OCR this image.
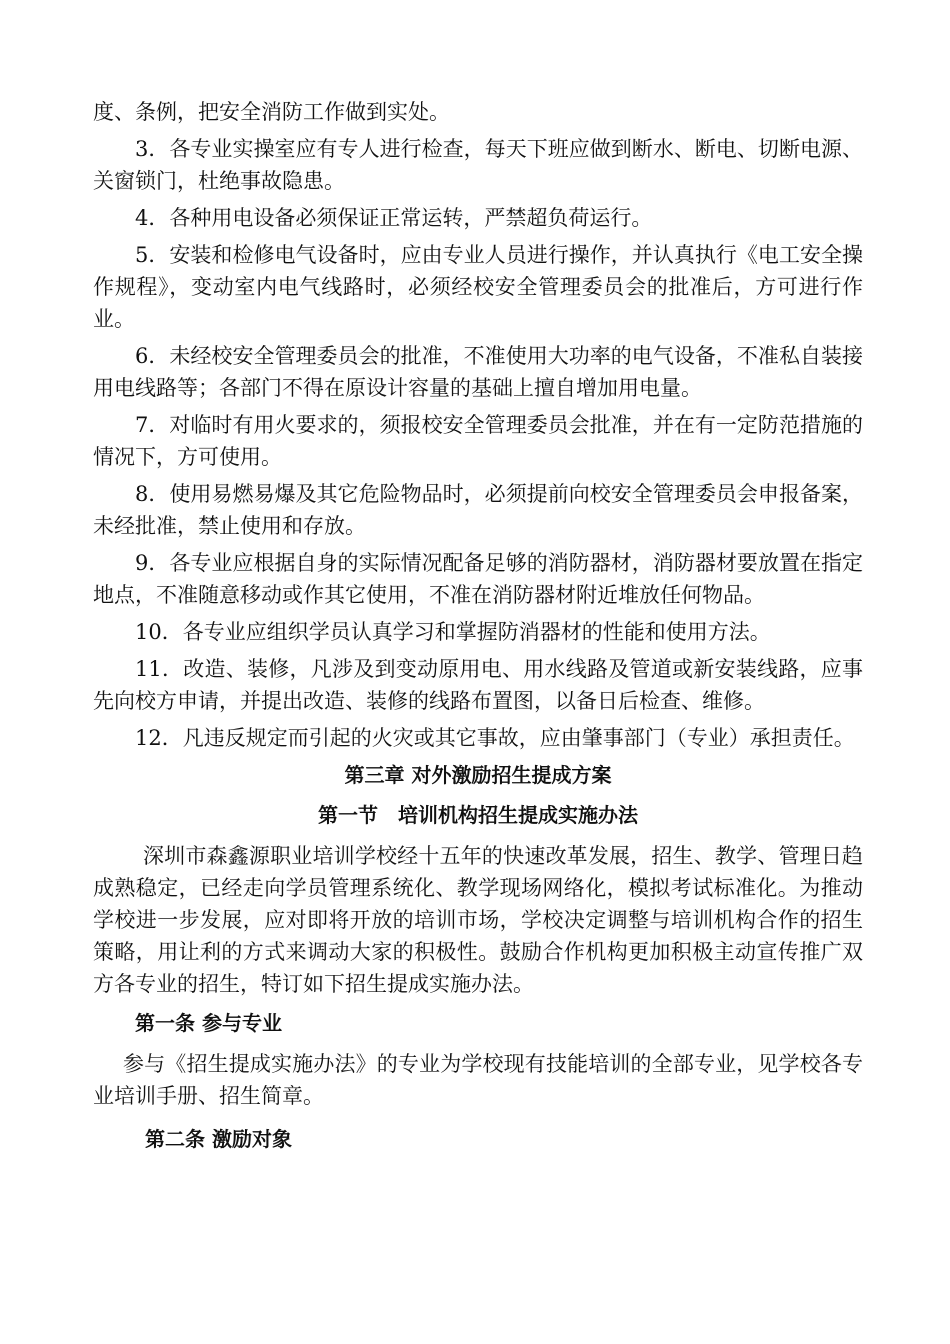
度、条例，把安全消防工作做到实处。

3．各专业实操室应有专人进行检查，每天下班应做到断水、断电、切断电源、关窗锁门，杜绝事故隐患。

4．各种用电设备必须保证正常运转，严禁超负荷运行。

5．安装和检修电气设备时，应由专业人员进行操作，并认真执行《电工安全操作规程》，变动室内电气线路时，必须经校安全管理委员会的批准后，方可进行作业。

6．未经校安全管理委员会的批准，不准使用大功率的电气设备，不准私自装接用电线路等；各部门不得在原设计容量的基础上擅自增加用电量。

7．对临时有用火要求的，须报校安全管理委员会批准，并在有一定防范措施的情况下，方可使用。

8．使用易燃易爆及其它危险物品时，必须提前向校安全管理委员会申报备案，未经批准，禁止使用和存放。

9．各专业应根据自身的实际情况配备足够的消防器材，消防器材要放置在指定地点，不准随意移动或作其它使用，不准在消防器材附近堆放任何物品。

10．各专业应组织学员认真学习和掌握防消器材的性能和使用方法。

11．改造、装修，凡涉及到变动原用电、用水线路及管道或新安装线路，应事先向校方申请，并提出改造、装修的线路布置图，以备日后检查、维修。

12．凡违反规定而引起的火灾或其它事故，应由肇事部门（专业）承担责任。

第三章 对外激励招生提成方案
第一节　培训机构招生提成实施办法

深圳市森鑫源职业培训学校经十五年的快速改革发展，招生、教学、管理日趋成熟稳定，已经走向学员管理系统化、教学现场网络化，模拟考试标准化。为推动学校进一步发展，应对即将开放的培训市场，学校决定调整与培训机构合作的招生策略，用让利的方式来调动大家的积极性。鼓励合作机构更加积极主动宣传推广双方各专业的招生，特订如下招生提成实施办法。

第一条 参与专业

参与《招生提成实施办法》的专业为学校现有技能培训的全部专业，见学校各专业培训手册、招生简章。

第二条 激励对象
